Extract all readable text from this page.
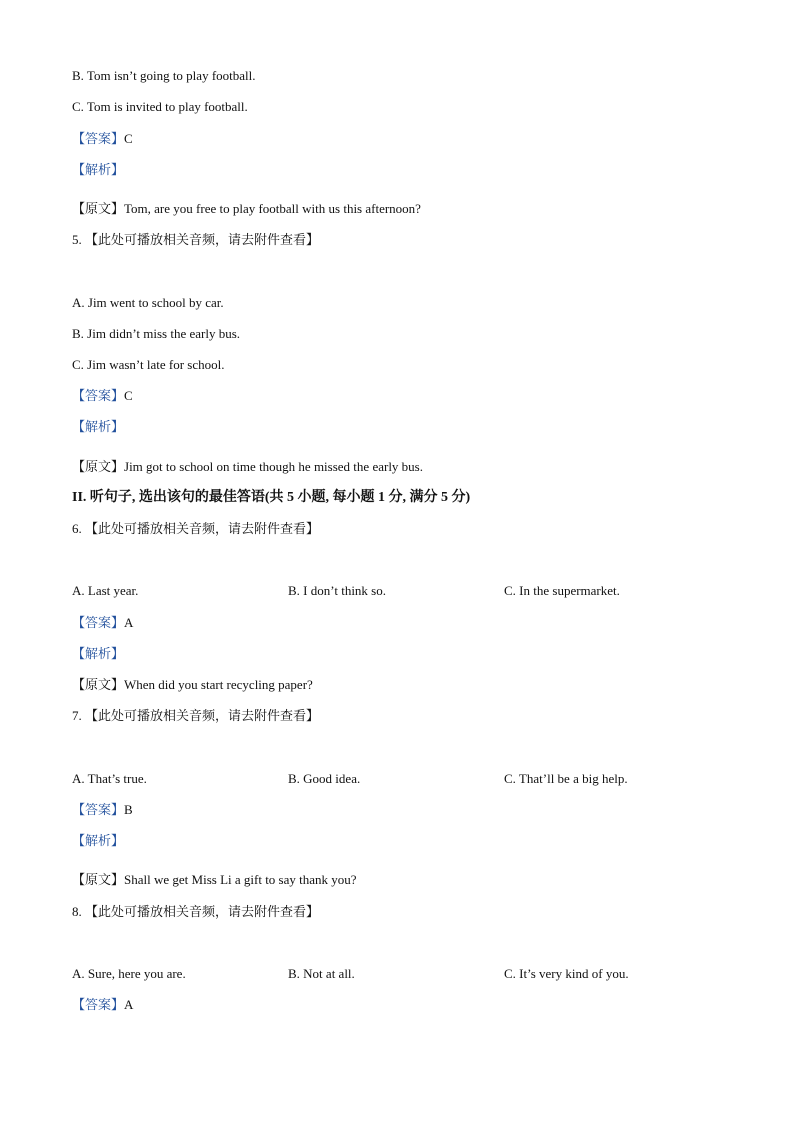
B. Tom isn’t going to play football.
C. Tom is invited to play football.
【答案】C
【解析】
【原文】Tom, are you free to play football with us this afternoon?
5. 【此处可播放相关音频，请去附件查看】
A. Jim went to school by car.
B. Jim didn’t miss the early bus.
C. Jim wasn’t late for school.
【答案】C
【解析】
【原文】Jim got to school on time though he missed the early bus.
II. 听句子, 选出该句的最佳答语(共 5 小题, 每小题 1 分, 满分 5 分)
6. 【此处可播放相关音频，请去附件查看】
A. Last year.	B. I don’t think so.	C. In the supermarket.
【答案】A
【解析】
【原文】When did you start recycling paper?
7. 【此处可播放相关音频，请去附件查看】
A. That’s true.	B. Good idea.	C. That’ll be a big help.
【答案】B
【解析】
【原文】Shall we get Miss Li a gift to say thank you?
8. 【此处可播放相关音频，请去附件查看】
A. Sure, here you are.	B. Not at all.	C. It’s very kind of you.
【答案】A
